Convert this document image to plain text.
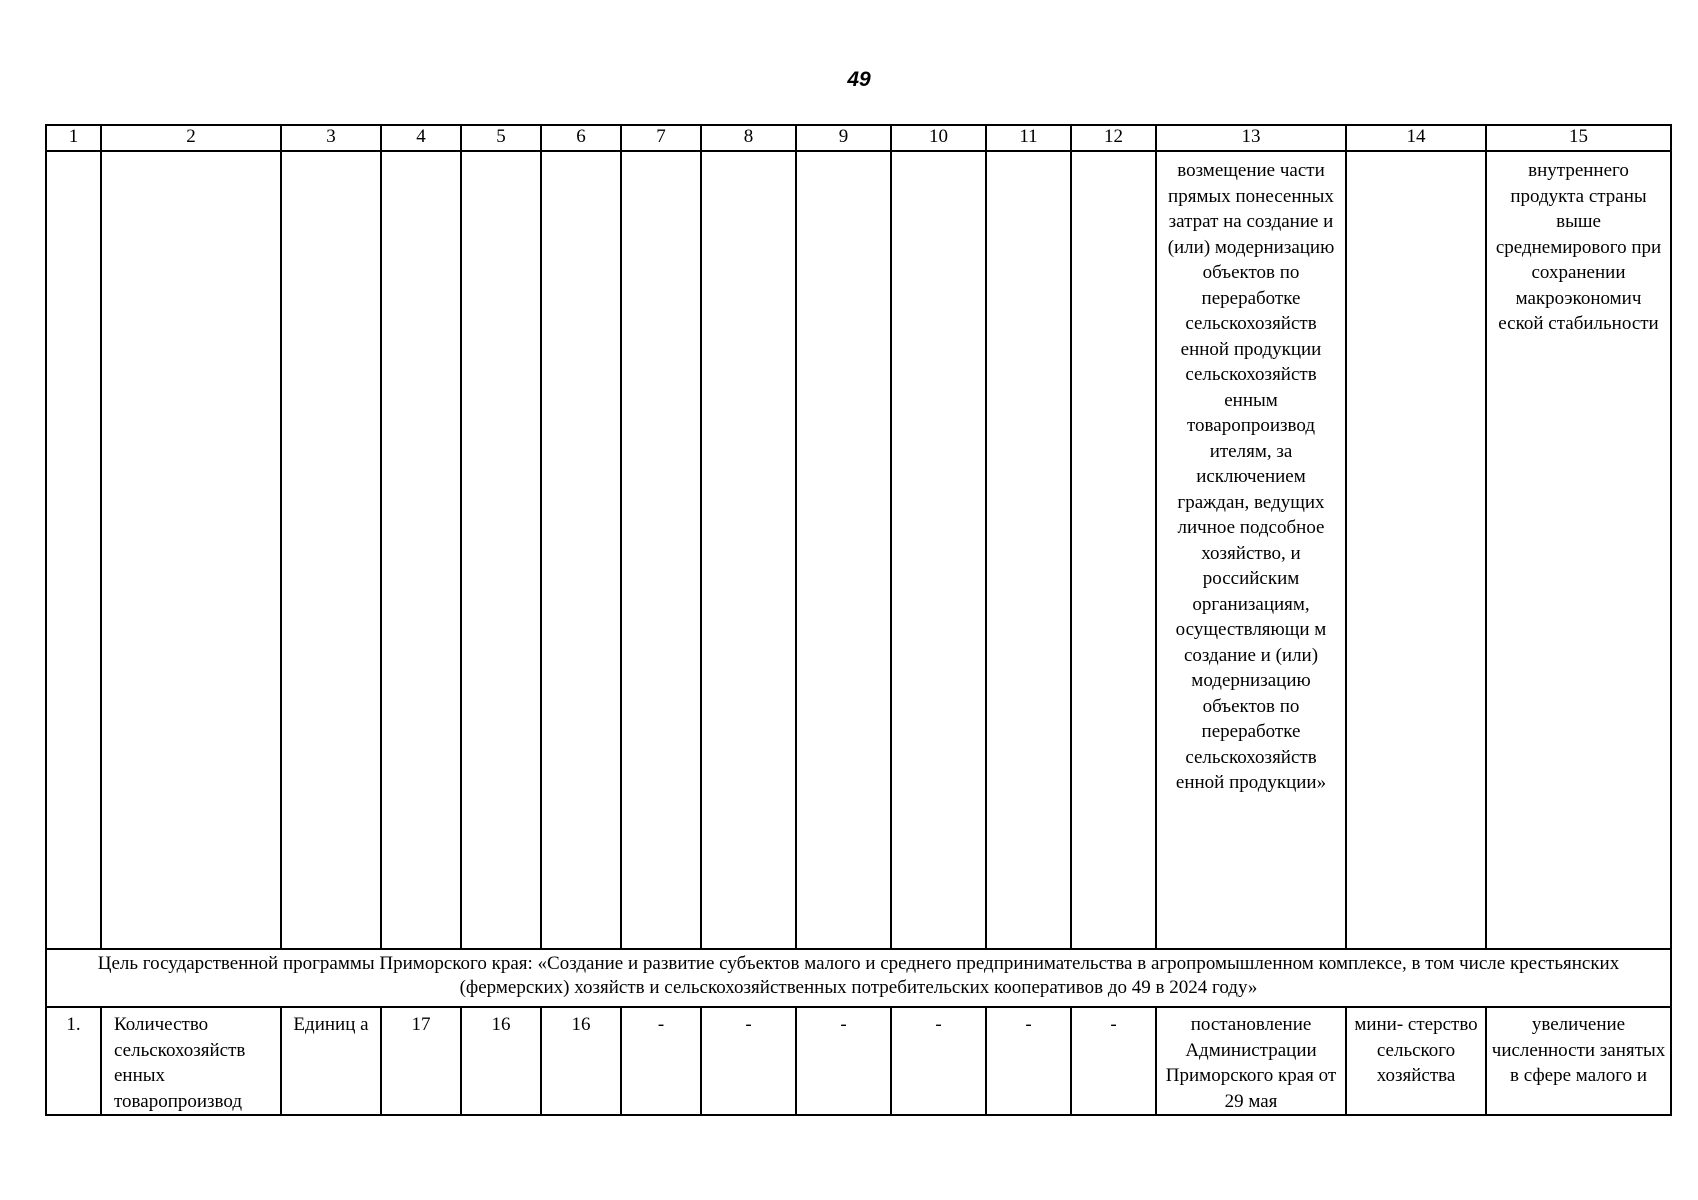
49
1	2	3	4	5	6	7	8	9	10	11	12	13	14	15
												возмещение части прямых понесенных затрат на создание и (или) модернизацию объектов по переработке сельскохозяйств енной продукции сельскохозяйств енным товаропроизвод ителям, за исключением граждан, ведущих личное подсобное хозяйство, и российским организациям, осуществляющи м создание и (или) модернизацию объектов по переработке сельскохозяйств енной продукции»		внутреннего продукта страны выше среднемирового при сохранении макроэкономич еской стабильности
Цель государственной программы Приморского края: «Создание и развитие субъектов малого и среднего предпринимательства в агропромышленном комплексе, в том числе крестьянских (фермерских) хозяйств и сельскохозяйственных потребительских кооперативов до 49 в 2024 году»														
1.	Количество сельскохозяйств енных товаропроизвод	Единиц а	17	16	16	-	-	-	-	-	-	постановление Администрации Приморского края от 29 мая	мини- стерство сельского хозяйства	увеличение численности занятых в сфере малого и
